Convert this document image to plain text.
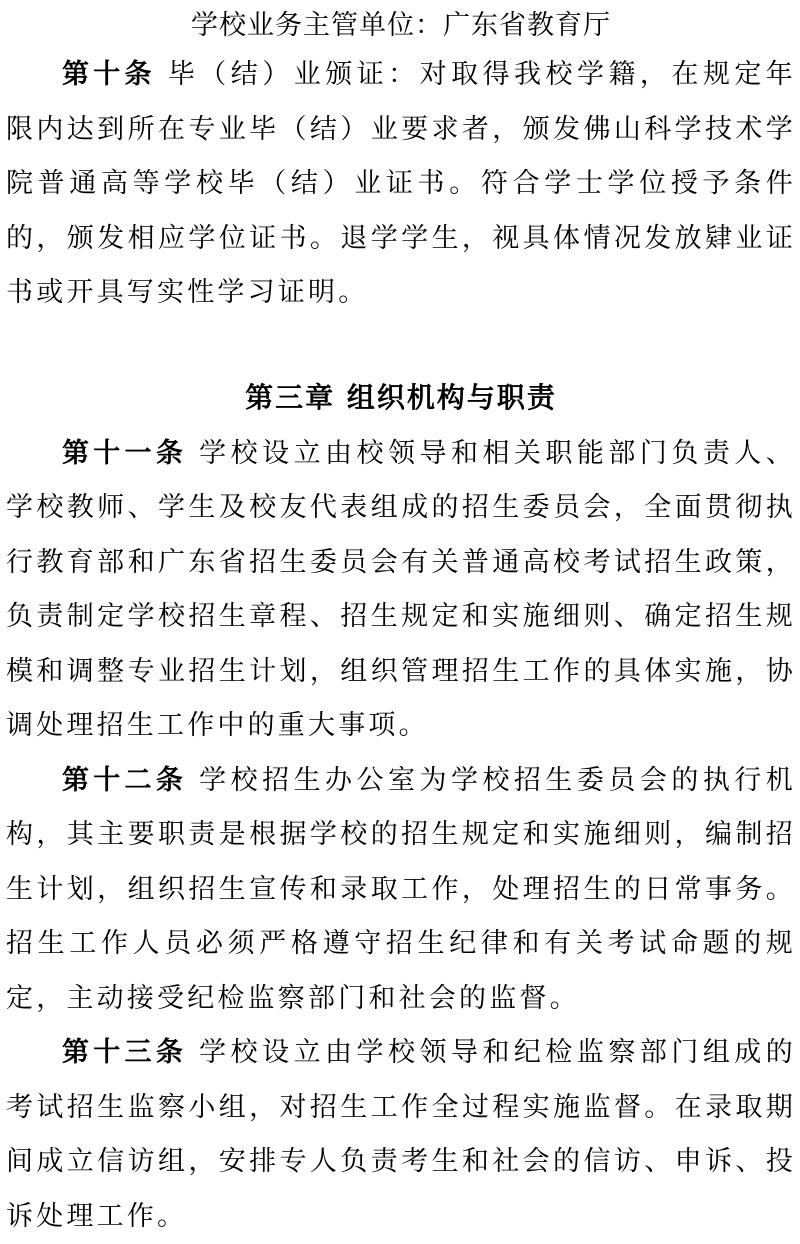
学校业务主管单位：广东省教育厅

第十条 毕（结）业颁证：对取得我校学籍，在规定年限内达到所在专业毕（结）业要求者，颁发佛山科学技术学院普通高等学校毕（结）业证书。符合学士学位授予条件的，颁发相应学位证书。退学学生，视具体情况发放肄业证书或开具写实性学习证明。

第三章 组织机构与职责

第十一条 学校设立由校领导和相关职能部门负责人、学校教师、学生及校友代表组成的招生委员会，全面贯彻执行教育部和广东省招生委员会有关普通高校考试招生政策，负责制定学校招生章程、招生规定和实施细则、确定招生规模和调整专业招生计划，组织管理招生工作的具体实施，协调处理招生工作中的重大事项。

第十二条 学校招生办公室为学校招生委员会的执行机构，其主要职责是根据学校的招生规定和实施细则，编制招生计划，组织招生宣传和录取工作，处理招生的日常事务。招生工作人员必须严格遵守招生纪律和有关考试命题的规定，主动接受纪检监察部门和社会的监督。

第十三条 学校设立由学校领导和纪检监察部门组成的考试招生监察小组，对招生工作全过程实施监督。在录取期间成立信访组，安排专人负责考生和社会的信访、申诉、投诉处理工作。
